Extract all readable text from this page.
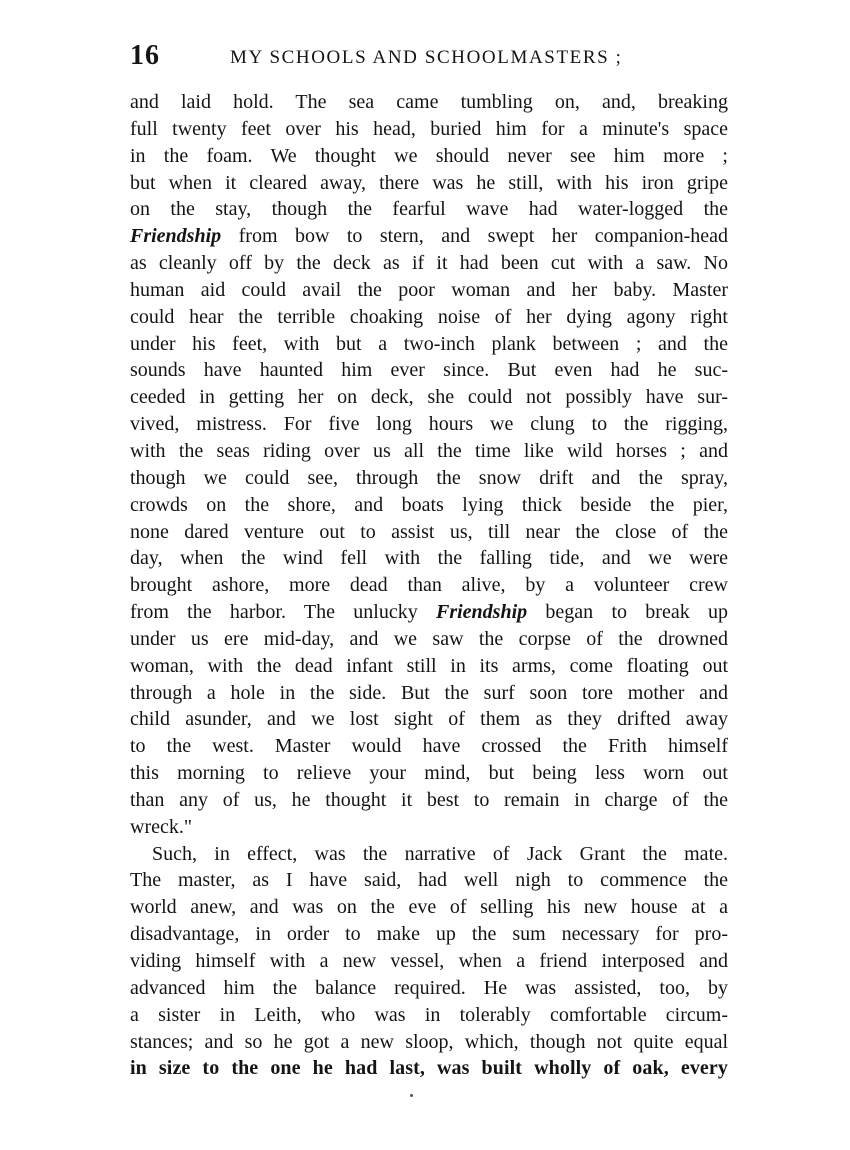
16	MY SCHOOLS AND SCHOOLMASTERS ;
and laid hold. The sea came tumbling on, and, breaking
full twenty feet over his head, buried him for a minute's space
in the foam. We thought we should never see him more ;
but when it cleared away, there was he still, with his iron gripe
on the stay, though the fearful wave had water-logged the
Friendship from bow to stern, and swept her companion-head
as cleanly off by the deck as if it had been cut with a saw. No
human aid could avail the poor woman and her baby. Master
could hear the terrible choaking noise of her dying agony right
under his feet, with but a two-inch plank between ; and the
sounds have haunted him ever since. But even had he suc-
ceeded in getting her on deck, she could not possibly have sur-
vived, mistress. For five long hours we clung to the rigging,
with the seas riding over us all the time like wild horses ; and
though we could see, through the snow drift and the spray,
crowds on the shore, and boats lying thick beside the pier,
none dared venture out to assist us, till near the close of the
day, when the wind fell with the falling tide, and we were
brought ashore, more dead than alive, by a volunteer crew
from the harbor. The unlucky Friendship began to break up
under us ere mid-day, and we saw the corpse of the drowned
woman, with the dead infant still in its arms, come floating out
through a hole in the side. But the surf soon tore mother and
child asunder, and we lost sight of them as they drifted away
to the west. Master would have crossed the Frith himself
this morning to relieve your mind, but being less worn out
than any of us, he thought it best to remain in charge of the
wreck."
Such, in effect, was the narrative of Jack Grant the mate.
The master, as I have said, had well nigh to commence the
world anew, and was on the eve of selling his new house at a
disadvantage, in order to make up the sum necessary for pro-
viding himself with a new vessel, when a friend interposed and
advanced him the balance required. He was assisted, too, by
a sister in Leith, who was in tolerably comfortable circum-
stances; and so he got a new sloop, which, though not quite equal
in size to the one he had last, was built wholly of oak, every
